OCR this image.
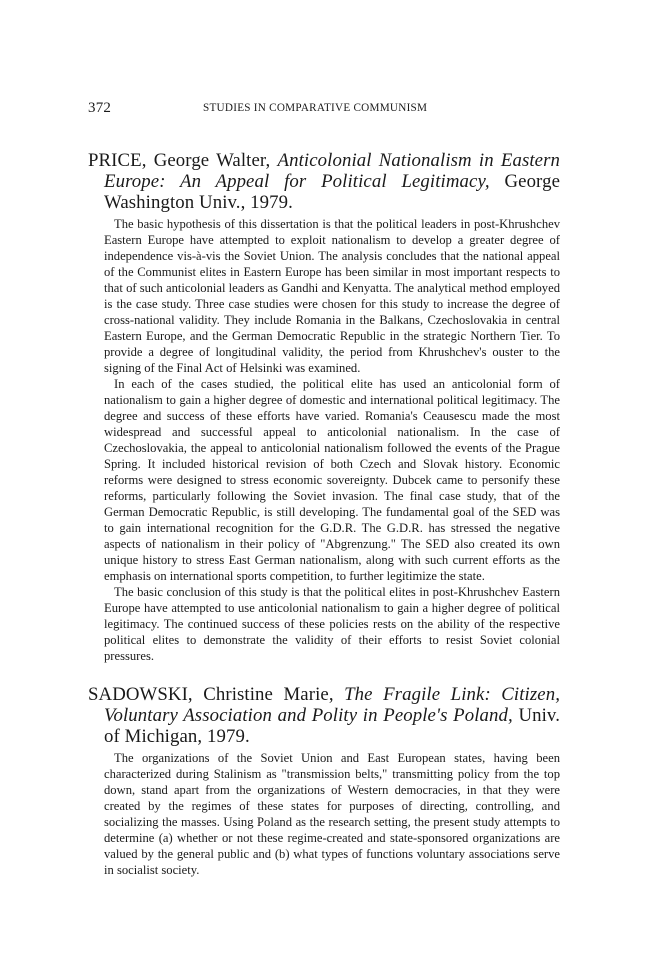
372	STUDIES IN COMPARATIVE COMMUNISM

PRICE, George Walter, Anticolonial Nationalism in Eastern Europe: An Appeal for Political Legitimacy, George Washington Univ., 1979.

The basic hypothesis of this dissertation is that the political leaders in post-Khrushchev Eastern Europe have attempted to exploit nationalism to develop a greater degree of independence vis-à-vis the Soviet Union. The analysis concludes that the national appeal of the Communist elites in Eastern Europe has been similar in most important respects to that of such anticolonial leaders as Gandhi and Kenyatta. The analytical method employed is the case study. Three case studies were chosen for this study to increase the degree of cross-national validity. They include Romania in the Balkans, Czechoslovakia in central Eastern Europe, and the German Democratic Republic in the strategic Northern Tier. To provide a degree of longitudinal validity, the period from Khrushchev's ouster to the signing of the Final Act of Helsinki was examined.

In each of the cases studied, the political elite has used an anticolonial form of nationalism to gain a higher degree of domestic and international political legitimacy. The degree and success of these efforts have varied. Romania's Ceausescu made the most widespread and successful appeal to anticolonial nationalism. In the case of Czechoslovakia, the appeal to anticolonial nationalism followed the events of the Prague Spring. It included historical revision of both Czech and Slovak history. Economic reforms were designed to stress economic sovereignty. Dubcek came to personify these reforms, particularly following the Soviet invasion. The final case study, that of the German Democratic Republic, is still developing. The fundamental goal of the SED was to gain international recognition for the G.D.R. The G.D.R. has stressed the negative aspects of nationalism in their policy of "Abgrenzung." The SED also created its own unique history to stress East German nationalism, along with such current efforts as the emphasis on international sports competition, to further legitimize the state.

The basic conclusion of this study is that the political elites in post-Khrushchev Eastern Europe have attempted to use anticolonial nationalism to gain a higher degree of political legitimacy. The continued success of these policies rests on the ability of the respective political elites to demonstrate the validity of their efforts to resist Soviet colonial pressures.

SADOWSKI, Christine Marie, The Fragile Link: Citizen, Voluntary Association and Polity in People's Poland, Univ. of Michigan, 1979.

The organizations of the Soviet Union and East European states, having been characterized during Stalinism as "transmission belts," transmitting policy from the top down, stand apart from the organizations of Western democracies, in that they were created by the regimes of these states for purposes of directing, controlling, and socializing the masses. Using Poland as the research setting, the present study attempts to determine (a) whether or not these regime-created and state-sponsored organizations are valued by the general public and (b) what types of functions voluntary associations serve in socialist society.
